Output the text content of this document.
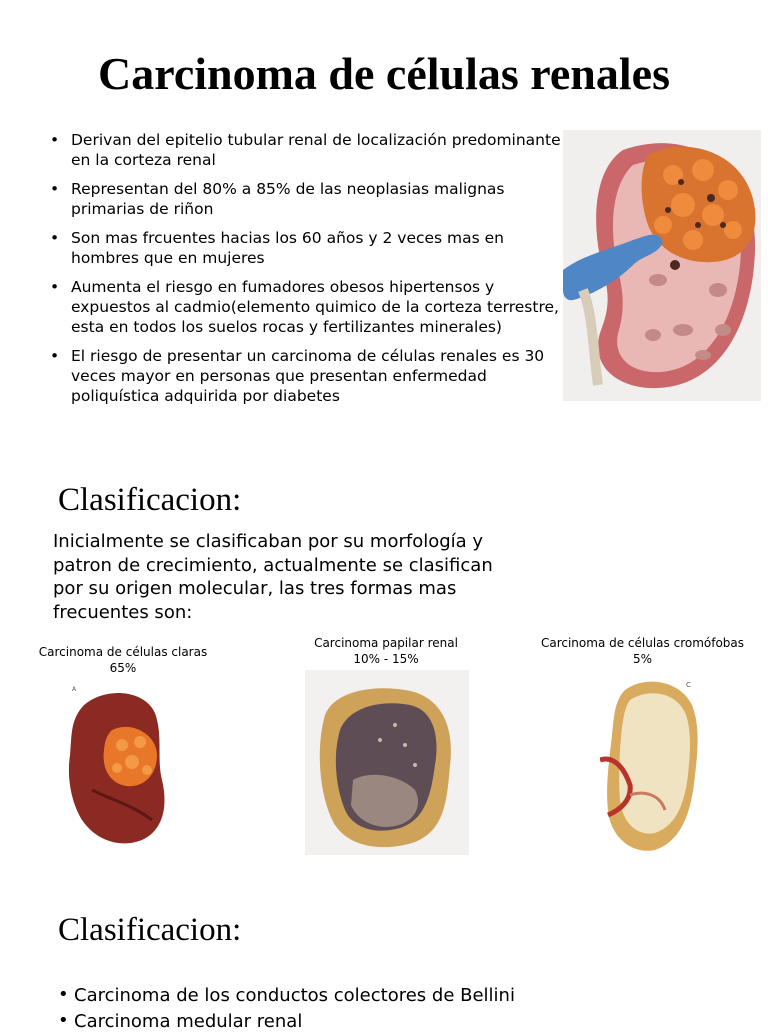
Carcinoma de células renales
• Derivan del epitelio tubular renal de localización predominante en la corteza renal
• Representan del 80% a 85% de las neoplasias malignas primarias de riñon
• Son mas frcuentes hacias los 60 años y 2 veces mas en hombres que en mujeres
• Aumenta el riesgo en fumadores obesos hipertensos y expuestos al cadmio(elemento quimico de la corteza terrestre, esta en todos los suelos rocas y fertilizantes minerales)
• El riesgo de presentar un carcinoma de células renales es 30 veces mayor en personas que presentan enfermedad poliquística adquirida por diabetes
Clasificacion:

Inicialmente se clasificaban por su morfología y patron de crecimiento, actualmente se clasifican por su origen molecular, las tres formas mas frecuentes son:

Carcinoma de células claras
65%
A
Carcinoma papilar renal
10% - 15%
Carcinoma de células cromófobas
5%
C
Clasificacion:
• Carcinoma de los conductos colectores de Bellini
• Carcinoma medular renal
